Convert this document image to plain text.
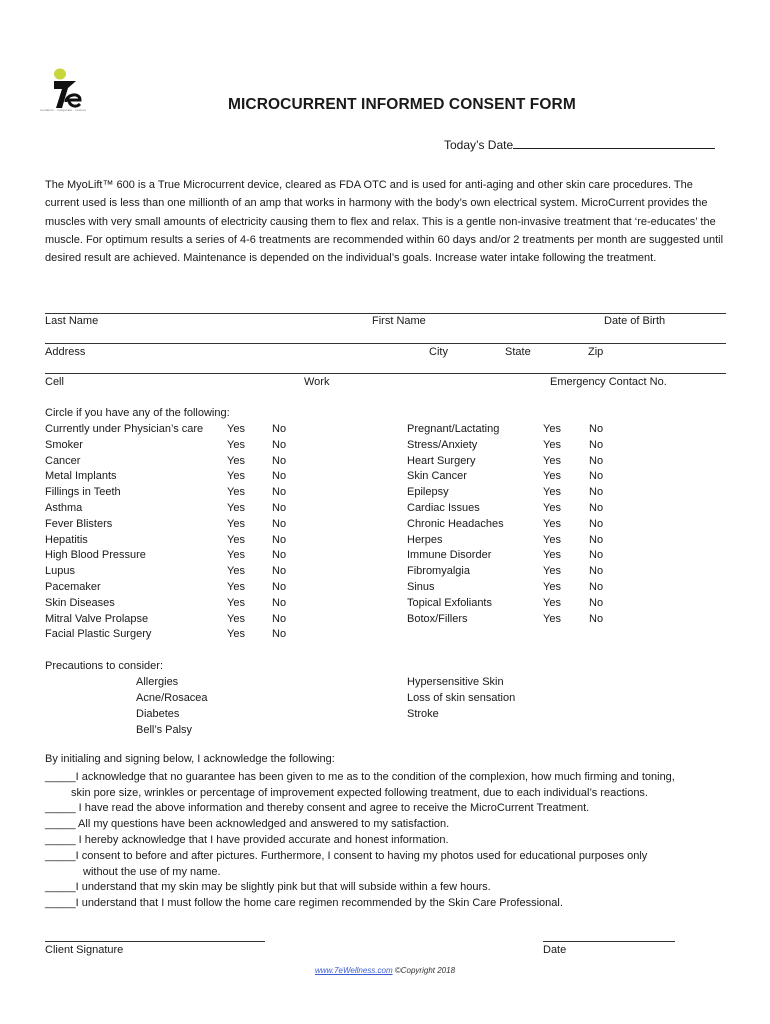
revitalize · invigorate · restore	MICROCURRENT INFORMED CONSENT FORM
Today’s Date
The MyoLift™ 600 is a True Microcurrent device, cleared as FDA OTC and is used for anti-aging and other skin care procedures. The current used is less than one millionth of an amp that works in harmony with the body’s own electrical system. MicroCurrent provides the muscles with very small amounts of electricity causing them to flex and relax. This is a gentle non-invasive treatment that ‘re-educates’ the muscle. For optimum results a series of 4-6 treatments are recommended within 60 days and/or 2 treatments per month are suggested until desired result are achieved. Maintenance is depended on the individual’s goals. Increase water intake following the treatment.
Last Name	First Name	Date of Birth
Address	City	State	Zip
Cell	Work	Emergency Contact No.
Circle if you have any of the following:
Currently under Physician’s care Yes No
Smoker	Yes No
Cancer	Yes No
Metal Implants	Yes No
Fillings in Teeth	Yes No
Asthma	Yes No
Fever Blisters	Yes No
Hepatitis	Yes No
High Blood Pressure	Yes No
Lupus	Yes No
Pacemaker	Yes No
Skin Diseases	Yes No
Mitral Valve Prolapse	Yes No
Facial Plastic Surgery	Yes No
Pregnant/Lactating	Yes	No
Stress/Anxiety	Yes	No
Heart Surgery	Yes	No
Skin Cancer	Yes	No
Epilepsy	Yes	No
Cardiac Issues	Yes	No
Chronic Headaches	Yes	No
Herpes	Yes	No
Immune Disorder	Yes	No
Fibromyalgia	Yes	No
Sinus	Yes	No
Topical Exfoliants	Yes	No
Botox/Fillers	Yes	No
Precautions to consider:
Allergies
Acne/Rosacea
Diabetes
Bell’s Palsy
Hypersensitive Skin
Loss of skin sensation
Stroke
By initialing and signing below, I acknowledge the following:
_____I acknowledge that no guarantee has been given to me as to the condition of the complexion, how much firming and toning,
skin pore size, wrinkles or percentage of improvement expected following treatment, due to each individual’s reactions.
_____ I have read the above information and thereby consent and agree to receive the MicroCurrent Treatment.
_____ All my questions have been acknowledged and answered to my satisfaction.
_____ I hereby acknowledge that I have provided accurate and honest information.
_____I consent to before and after pictures. Furthermore, I consent to having my photos used for educational purposes only
without the use of my name.
_____I understand that my skin may be slightly pink but that will subside within a few hours.
_____I understand that I must follow the home care regimen recommended by the Skin Care Professional.
Client Signature	Date
www.7eWellness.com ©Copyright 2018
